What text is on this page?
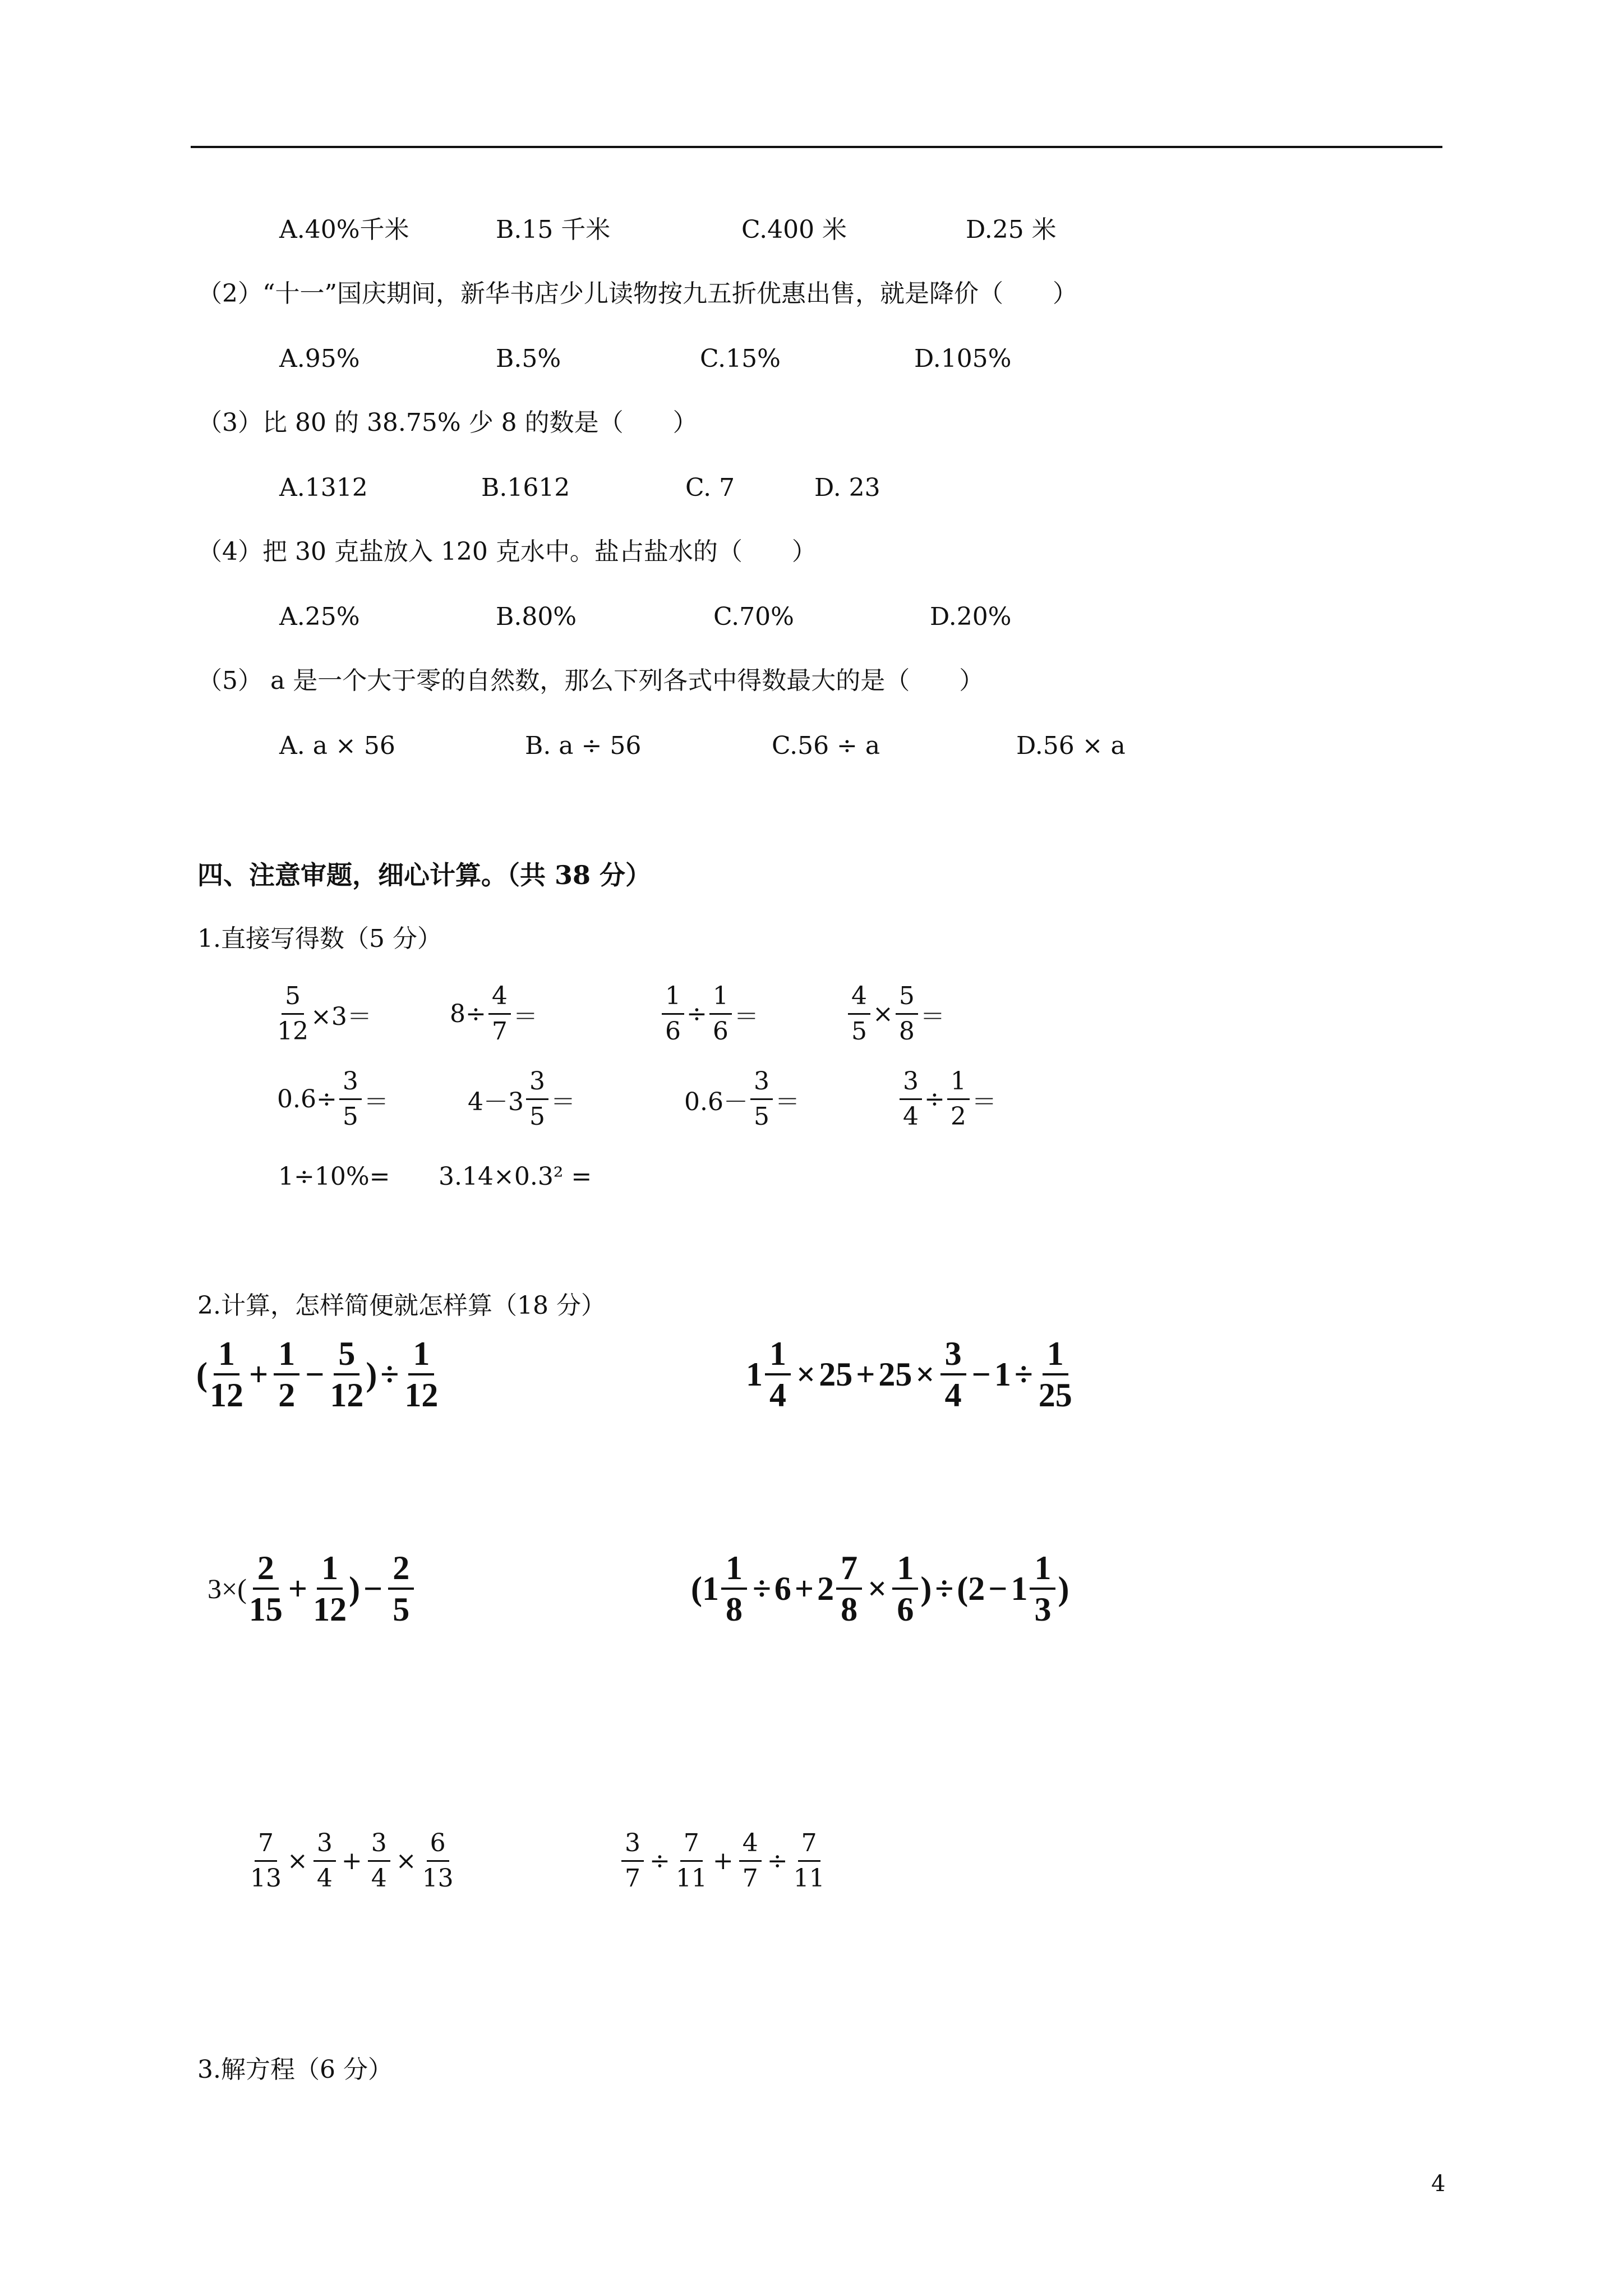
A.40%千米	B.15 千米	C.400 米	D.25 米
（2）“十一”国庆期间，新华书店少儿读物按九五折优惠出售，就是降价（　　）
A.95%	B.5%	C.15%	D.105%
（3）比 80 的 38.75% 少 8 的数是（　　）
A.1312	B.1612	C. 7	D. 23
（4）把 30 克盐放入 120 克水中。盐占盐水的（　　）
A.25%	B.80%	C.70%	D.20%
（5） a 是一个大于零的自然数，那么下列各式中得数最大的是（　　）
A. a × 56	B. a ÷ 56	C.56 ÷ a	D.56 × a
四、注意审题，细心计算。（共 38 分）
1.直接写得数（5 分）
$\frac{5}{12} \times 3=$	$8\div \frac{4}{7}$ ＝	$\frac{1}{6} \div \frac{1}{6}$ ＝	$\frac{4}{5} \times \frac{5}{8}$ ＝
$0.6\div \frac{3}{5}$ ＝	$4-3 \frac{3}{5}$ ＝	$0.6- \frac{3}{5}$ ＝	$\frac{3}{4} \div \frac{1}{2}$ ＝
1÷10%= 3.14×0.3² =
2.计算，怎样简便就怎样算（18 分）
( $\frac{1}{12} + \frac{1}{2} - \frac{5}{12}$ ) ÷ $\frac{1}{12}$	$1 \frac{1}{4} \times 25 + 25 \times \frac{3}{4} - 1 \div \frac{1}{25}$
3 ×( $\frac{2}{15} + \frac{1}{12}$ ) − $\frac{2}{5}$	( $1 \frac{1}{8} \div 6 + 2 \frac{7}{8} \times \frac{1}{6}$ ) ÷ ( $2 - 1 \frac{1}{3}$ )
$\frac{7}{13} \times \frac{3}{4} + \frac{3}{4} \times \frac{6}{13}$	$\frac{3}{7} \div \frac{7}{11} + \frac{4}{7} \div \frac{7}{11}$
3.解方程（6 分）
4
